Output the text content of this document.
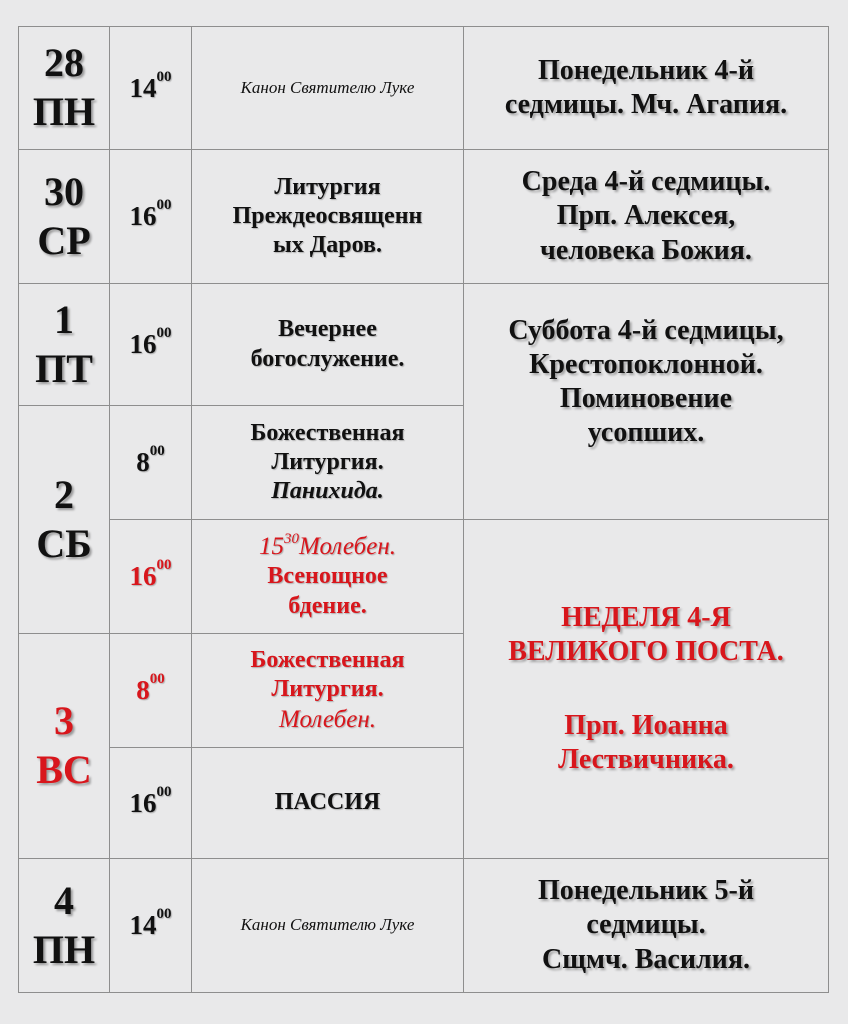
28
ПН	$14^{00}$	Канон Святителю Луке	Понедельник 4-й
седмицы. Мч. Агапия.

30
СР	$16^{00}$	Литургия
Преждеосвященн
ых Даров.	Среда 4-й седмицы.
Прп. Алексея,
человека Божия.

1
ПТ	$16^{00}$	Вечернее
богослужение.	Суббота 4-й седмицы,
Крестопоклонной.
Поминовение
усопших.

2
СБ	$8^{00}$	Божественная
Литургия.
Панихида.	

	$16^{00}$	$15^{30}Молебен$.
Всенощное
бдение.	НЕДЕЛЯ 4-Я
ВЕЛИКОГО ПОСТА.
Прп. Иоанна
Лествичника.

3
ВС	$8^{00}$	Божественная
Литургия.
Молебен.	

	$16^{00}$	ПАССИЯ	

4
ПН	$14^{00}$	Канон Святителю Луке	Понедельник 5-й
седмицы.
Сщмч. Василия.
